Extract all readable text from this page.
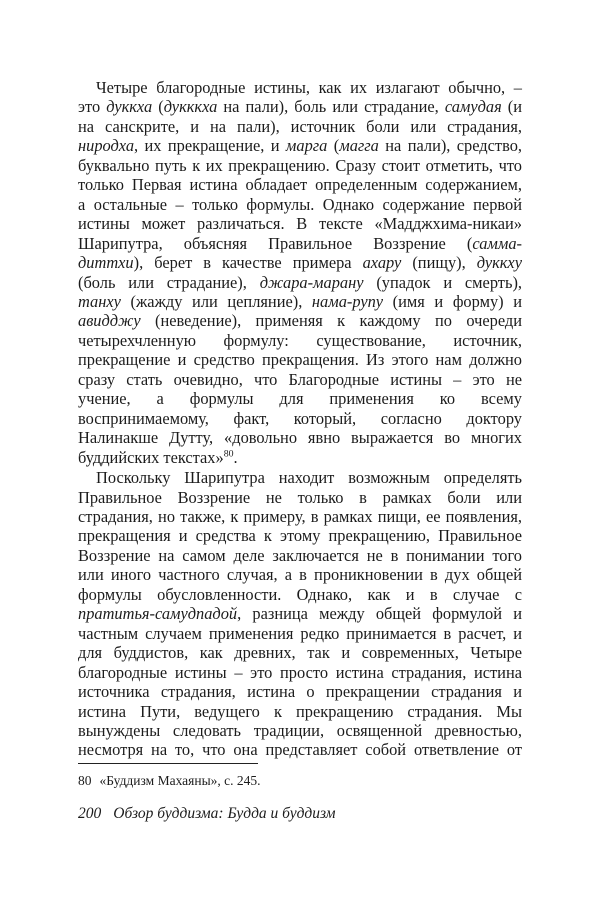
Четыре благородные истины, как их излагают обычно, –
это дуккха (дукккха на пали), боль или страдание, самудая (и
на санскрите, и на пали), источник боли или страдания,
ниродха, их прекращение, и марга (магга на пали), средство,
буквально путь к их прекращению. Сразу стоит отметить, что
только Первая истина обладает определенным содержанием,
а остальные – только формулы. Однако содержание первой
истины может различаться. В тексте «Мадджхима-никаи»
Шарипутра, объясняя Правильное Воззрение (самма-
диттхи), берет в качестве примера ахару (пищу), дуккху
(боль или страдание), джара-марану (упадок и смерть),
танху (жажду или цепляние), нама-рупу (имя и форму) и
авидджу (неведение), применяя к каждому по очереди
четырехчленную формулу: существование, источник,
прекращение и средство прекращения. Из этого нам должно
сразу стать очевидно, что Благородные истины – это не
учение, а формулы для применения ко всему
воспринимаемому, факт, который, согласно доктору
Налинакше Дутту, «довольно явно выражается во многих
буддийских текстах»$^{80}$.
Поскольку Шарипутра находит возможным определять
Правильное Воззрение не только в рамках боли или
страдания, но также, к примеру, в рамках пищи, ее появления,
прекращения и средства к этому прекращению, Правильное
Воззрение на самом деле заключается не в понимании того
или иного частного случая, а в проникновении в дух общей
формулы обусловленности. Однако, как и в случае с
пратитья-самудпадой, разница между общей формулой и
частным случаем применения редко принимается в расчет, и
для буддистов, как древних, так и современных, Четыре
благородные истины – это просто истина страдания, истина
источника страдания, истина о прекращении страдания и
истина Пути, ведущего к прекращению страдания. Мы
вынуждены следовать традиции, освященной древностью,
несмотря на то, что она представляет собой ответвление от
80 «Буддизм Махаяны», с. 245.
200 Обзор буддизма: Будда и буддизм
